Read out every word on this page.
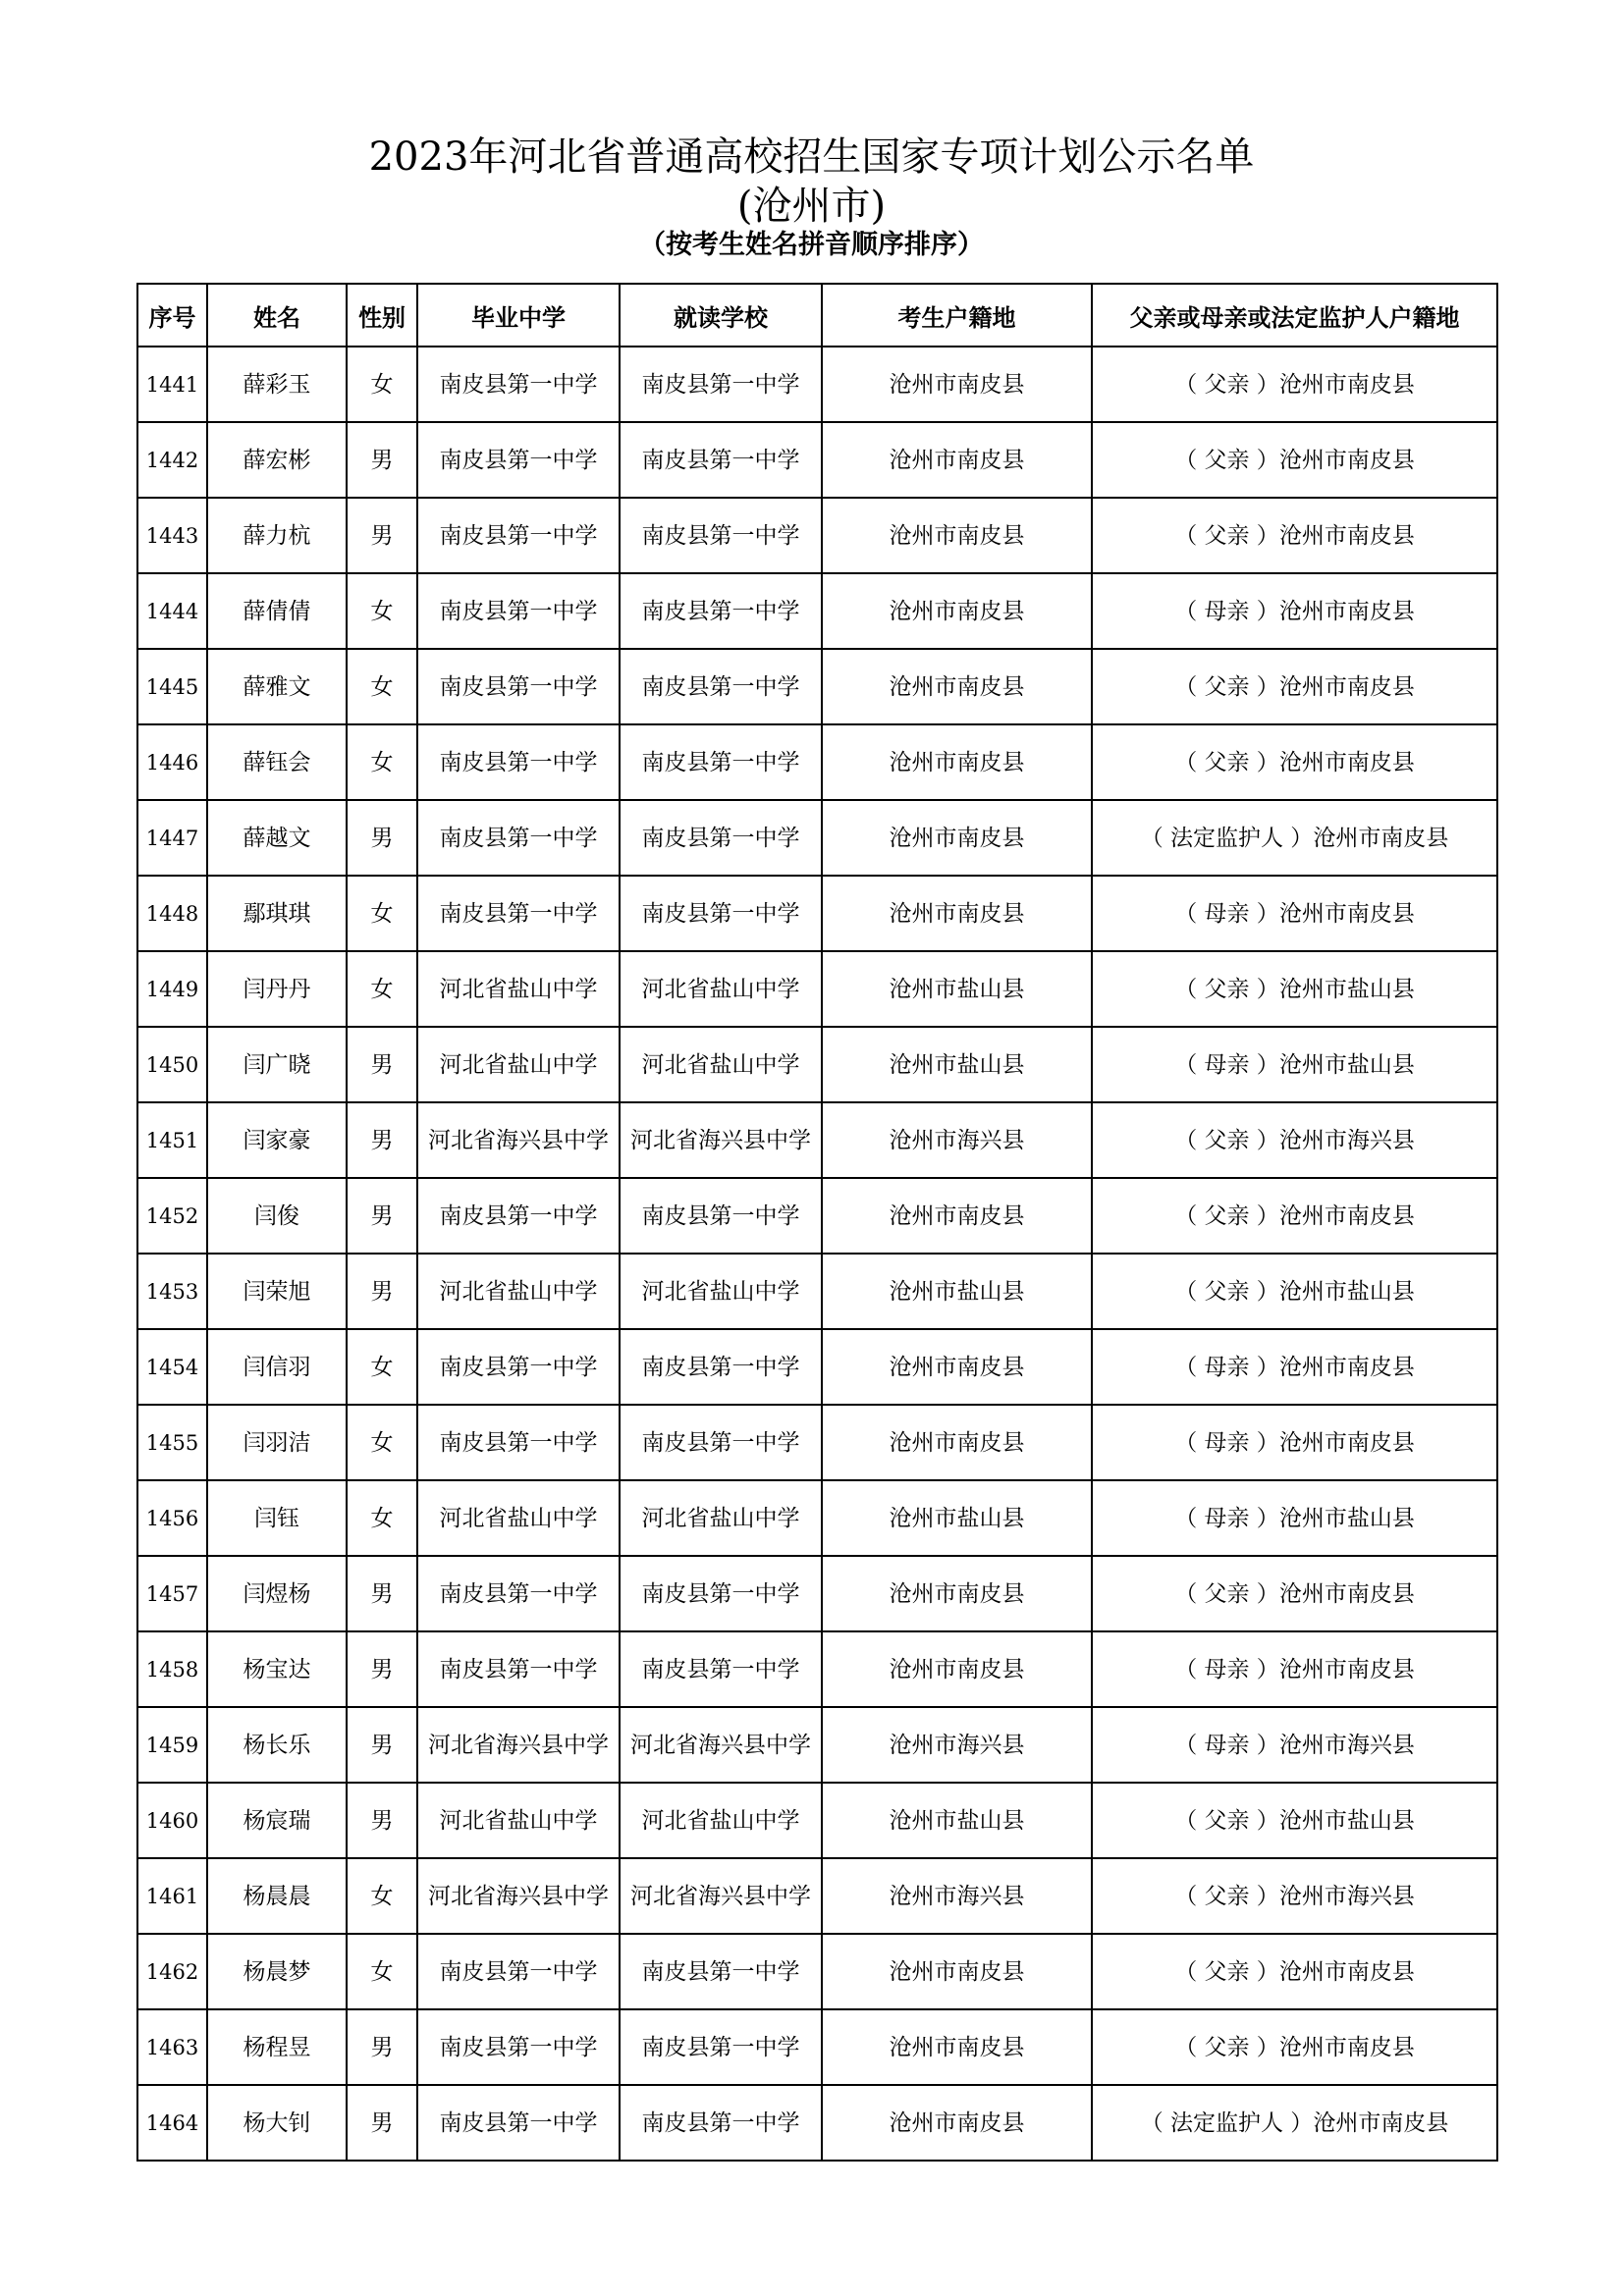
2023年河北省普通高校招生国家专项计划公示名单
(沧州市)
（按考生姓名拼音顺序排序）
序号	姓名	性别	毕业中学	就读学校	考生户籍地	父亲或母亲或法定监护人户籍地
1441	薛彩玉	女	南皮县第一中学	南皮县第一中学	沧州市南皮县	（ 父亲 ）沧州市南皮县
1442	薛宏彬	男	南皮县第一中学	南皮县第一中学	沧州市南皮县	（ 父亲 ）沧州市南皮县
1443	薛力杭	男	南皮县第一中学	南皮县第一中学	沧州市南皮县	（ 父亲 ）沧州市南皮县
1444	薛倩倩	女	南皮县第一中学	南皮县第一中学	沧州市南皮县	（ 母亲 ）沧州市南皮县
1445	薛雅文	女	南皮县第一中学	南皮县第一中学	沧州市南皮县	（ 父亲 ）沧州市南皮县
1446	薛钰会	女	南皮县第一中学	南皮县第一中学	沧州市南皮县	（ 父亲 ）沧州市南皮县
1447	薛越文	男	南皮县第一中学	南皮县第一中学	沧州市南皮县	（ 法定监护人 ）沧州市南皮县
1448	鄢琪琪	女	南皮县第一中学	南皮县第一中学	沧州市南皮县	（ 母亲 ）沧州市南皮县
1449	闫丹丹	女	河北省盐山中学	河北省盐山中学	沧州市盐山县	（ 父亲 ）沧州市盐山县
1450	闫广晓	男	河北省盐山中学	河北省盐山中学	沧州市盐山县	（ 母亲 ）沧州市盐山县
1451	闫家豪	男	河北省海兴县中学	河北省海兴县中学	沧州市海兴县	（ 父亲 ）沧州市海兴县
1452	闫俊	男	南皮县第一中学	南皮县第一中学	沧州市南皮县	（ 父亲 ）沧州市南皮县
1453	闫荣旭	男	河北省盐山中学	河北省盐山中学	沧州市盐山县	（ 父亲 ）沧州市盐山县
1454	闫信羽	女	南皮县第一中学	南皮县第一中学	沧州市南皮县	（ 母亲 ）沧州市南皮县
1455	闫羽洁	女	南皮县第一中学	南皮县第一中学	沧州市南皮县	（ 母亲 ）沧州市南皮县
1456	闫钰	女	河北省盐山中学	河北省盐山中学	沧州市盐山县	（ 母亲 ）沧州市盐山县
1457	闫煜杨	男	南皮县第一中学	南皮县第一中学	沧州市南皮县	（ 父亲 ）沧州市南皮县
1458	杨宝达	男	南皮县第一中学	南皮县第一中学	沧州市南皮县	（ 母亲 ）沧州市南皮县
1459	杨长乐	男	河北省海兴县中学	河北省海兴县中学	沧州市海兴县	（ 母亲 ）沧州市海兴县
1460	杨宸瑞	男	河北省盐山中学	河北省盐山中学	沧州市盐山县	（ 父亲 ）沧州市盐山县
1461	杨晨晨	女	河北省海兴县中学	河北省海兴县中学	沧州市海兴县	（ 父亲 ）沧州市海兴县
1462	杨晨梦	女	南皮县第一中学	南皮县第一中学	沧州市南皮县	（ 父亲 ）沧州市南皮县
1463	杨程昱	男	南皮县第一中学	南皮县第一中学	沧州市南皮县	（ 父亲 ）沧州市南皮县
1464	杨大钊	男	南皮县第一中学	南皮县第一中学	沧州市南皮县	（ 法定监护人 ）沧州市南皮县
